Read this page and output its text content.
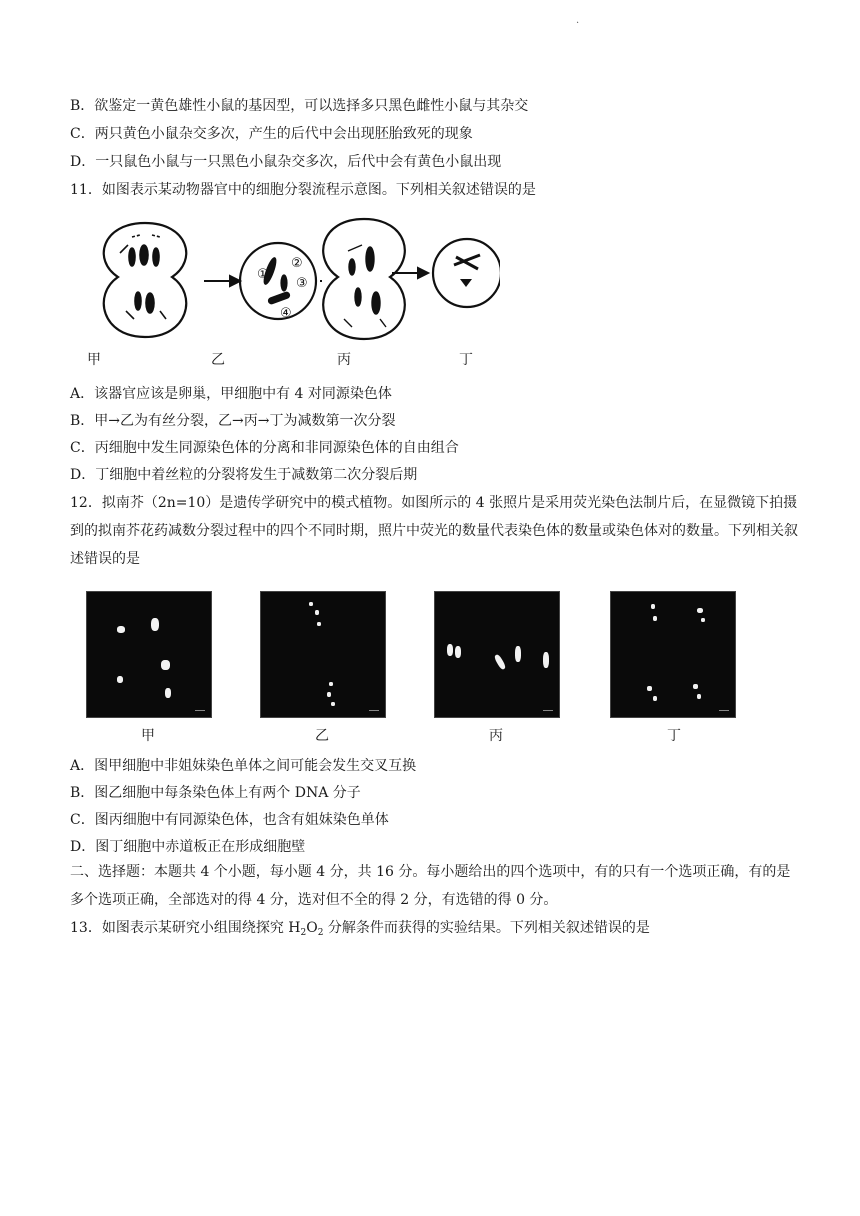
·
B．欲鉴定一黄色雄性小鼠的基因型，可以选择多只黑色雌性小鼠与其杂交
C．两只黄色小鼠杂交多次，产生的后代中会出现胚胎致死的现象
D．一只鼠色小鼠与一只黑色小鼠杂交多次，后代中会有黄色小鼠出现
11．如图表示某动物器官中的细胞分裂流程示意图。下列相关叙述错误的是
①
②
③
④
甲	乙	丙	丁
A．该器官应该是卵巢，甲细胞中有 4 对同源染色体
B．甲→乙为有丝分裂，乙→丙→丁为减数第一次分裂
C．丙细胞中发生同源染色体的分离和非同源染色体的自由组合
D．丁细胞中着丝粒的分裂将发生于减数第二次分裂后期
12．拟南芥（2n=10）是遗传学研究中的模式植物。如图所示的 4 张照片是采用荧光染色法制片后，在显微镜下拍摄到的拟南芥花药减数分裂过程中的四个不同时期，照片中荧光的数量代表染色体的数量或染色体对的数量。下列相关叙述错误的是
甲	乙	丙	丁
A．图甲细胞中非姐妹染色单体之间可能会发生交叉互换
B．图乙细胞中每条染色体上有两个 DNA 分子
C．图丙细胞中有同源染色体，也含有姐妹染色单体
D．图丁细胞中赤道板正在形成细胞壁
二、选择题：本题共 4 个小题，每小题 4 分，共 16 分。每小题给出的四个选项中，有的只有一个选项正确，有的是多个选项正确，全部选对的得 4 分，选对但不全的得 2 分，有选错的得 0 分。
13．如图表示某研究小组围绕探究 $H_2O_2$ 分解条件而获得的实验结果。下列相关叙述错误的是
